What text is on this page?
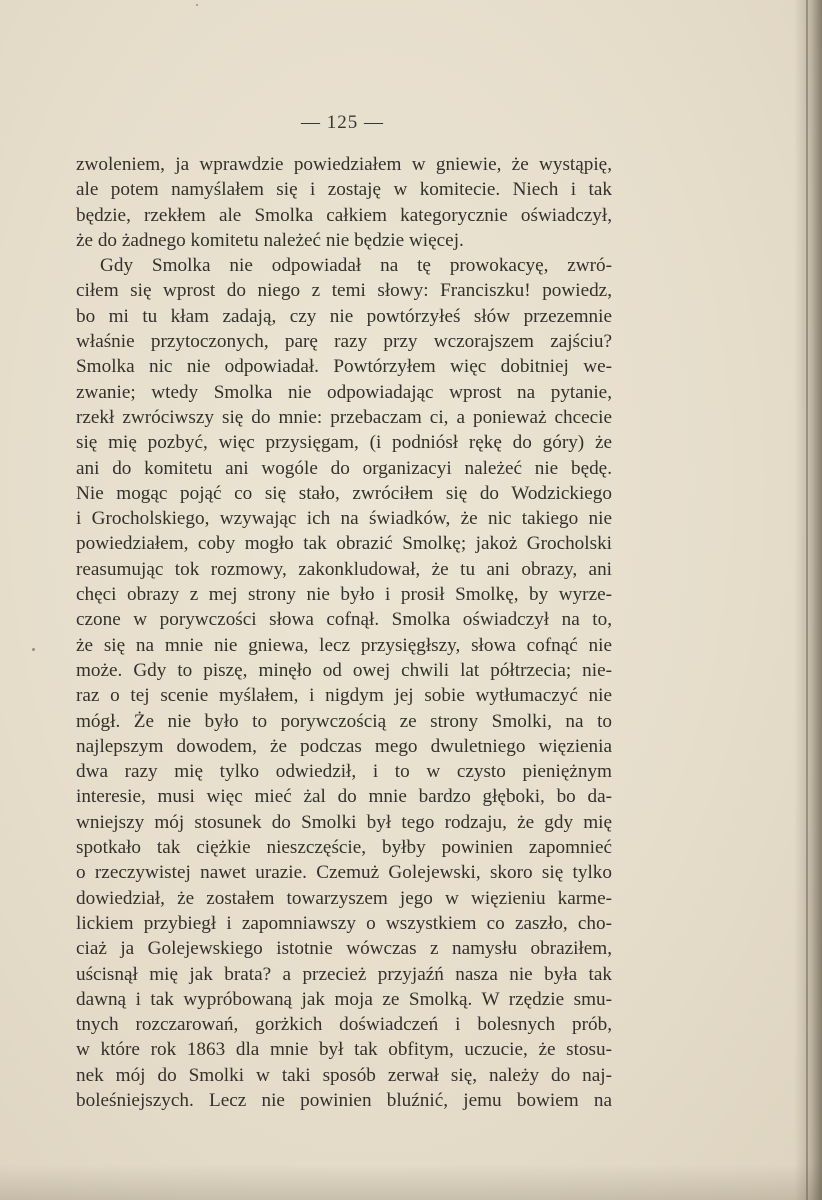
— 125 —
zwoleniem, ja wprawdzie powiedziałem w gniewie, że wystąpię,
ale potem namyślałem się i zostaję w komitecie. Niech i tak
będzie, rzekłem ale Smolka całkiem kategorycznie oświadczył,
że do żadnego komitetu należeć nie będzie więcej.
Gdy Smolka nie odpowiadał na tę prowokacyę, zwró-
ciłem się wprost do niego z temi słowy: Franciszku! powiedz,
bo mi tu kłam zadają, czy nie powtórzyłeś słów przezemnie
właśnie przytoczonych, parę razy przy wczorajszem zajściu?
Smolka nic nie odpowiadał. Powtórzyłem więc dobitniej we-
zwanie; wtedy Smolka nie odpowiadając wprost na pytanie,
rzekł zwróciwszy się do mnie: przebaczam ci, a ponieważ chcecie
się mię pozbyć, więc przysięgam, (i podniósł rękę do góry) że
ani do komitetu ani wogóle do organizacyi należeć nie będę.
Nie mogąc pojąć co się stało, zwróciłem się do Wodzickiego
i Grocholskiego, wzywając ich na świadków, że nic takiego nie
powiedziałem, coby mogło tak obrazić Smolkę; jakoż Grocholski
reasumując tok rozmowy, zakonkludował, że tu ani obrazy, ani
chęci obrazy z mej strony nie było i prosił Smolkę, by wyrze-
czone w porywczości słowa cofnął. Smolka oświadczył na to,
że się na mnie nie gniewa, lecz przysięgłszy, słowa cofnąć nie
może. Gdy to piszę, minęło od owej chwili lat półtrzecia; nie-
raz o tej scenie myślałem, i nigdym jej sobie wytłumaczyć nie
mógł. Że nie było to porywczością ze strony Smolki, na to
najlepszym dowodem, że podczas mego dwuletniego więzienia
dwa razy mię tylko odwiedził, i to w czysto pieniężnym
interesie, musi więc mieć żal do mnie bardzo głęboki, bo da-
wniejszy mój stosunek do Smolki był tego rodzaju, że gdy mię
spotkało tak ciężkie nieszczęście, byłby powinien zapomnieć
o rzeczywistej nawet urazie. Czemuż Golejewski, skoro się tylko
dowiedział, że zostałem towarzyszem jego w więzieniu karme-
lickiem przybiegł i zapomniawszy o wszystkiem co zaszło, cho-
ciaż ja Golejewskiego istotnie wówczas z namysłu obraziłem,
uścisnął mię jak brata? a przecież przyjaźń nasza nie była tak
dawną i tak wypróbowaną jak moja ze Smolką. W rzędzie smu-
tnych rozczarowań, gorżkich doświadczeń i bolesnych prób,
w które rok 1863 dla mnie był tak obfitym, uczucie, że stosu-
nek mój do Smolki w taki sposób zerwał się, należy do naj-
boleśniejszych. Lecz nie powinien bluźnić, jemu bowiem na
